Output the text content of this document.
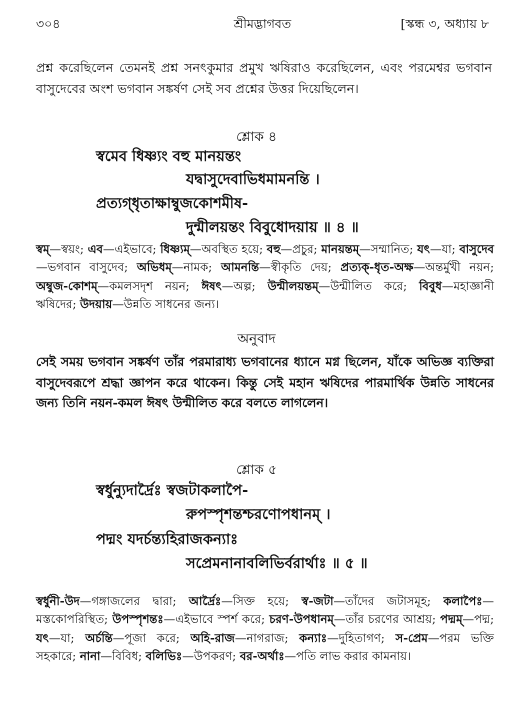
৩০৪	শ্রীমদ্ভাগবত	[স্কন্ধ ৩, অধ্যায় ৮

প্রশ্ন করেছিলেন তেমনই প্রশ্ন সনৎকুমার প্রমুখ ঋষিরাও করেছিলেন, এবং পরমেশ্বর ভগবান বাসুদেবের অংশ ভগবান সঙ্কর্ষণ সেই সব প্রশ্নের উত্তর দিয়েছিলেন।

শ্লোক ৪

স্বমেব ধিষ্ণ্যং বহু মানয়ন্তং

যদ্বাসুদেবাভিধমামনন্তি ।

প্রত্যগ্‌ধৃতাক্ষাম্বুজকোশমীষ-

দুন্মীলয়ন্তং বিবুধোদয়ায় ॥ ৪ ॥

স্বম্—স্বয়ং; এব—এইভাবে; ধিষ্ণ্যম্—অবস্থিত হয়ে; বহু—প্রচুর; মানয়ন্তম্—সম্মানিত; যৎ—যা; বাসুদেব—ভগবান বাসুদেব; অভিধম্—নামক; আমনন্তি—স্বীকৃতি দেয়; প্রত্যক্‌-ধৃত-অক্ষ—অন্তর্মুখী নয়ন; অম্বুজ-কোশম্—কমলসদৃশ নয়ন; ঈষৎ—অল্প; উন্মীলয়ন্তম্—উন্মীলিত করে; বিবুধ—মহাজ্ঞানী ঋষিদের; উদয়ায়—উন্নতি সাধনের জন্য।

অনুবাদ

সেই সময় ভগবান সঙ্কর্ষণ তাঁর পরমারাধ্য ভগবানের ধ্যানে মগ্ন ছিলেন, যাঁকে অভিজ্ঞ ব্যক্তিরা বাসুদেবরূপে শ্রদ্ধা জ্ঞাপন করে থাকেন। কিন্তু সেই মহান ঋষিদের পারমার্থিক উন্নতি সাধনের জন্য তিনি নয়ন-কমল ঈষৎ উন্মীলিত করে বলতে লাগলেন।

শ্লোক ৫

স্বর্ধুন্যুদার্দ্রৈঃ স্বজটাকলাপৈ-

রুপস্পৃশন্তশ্চরণোপধানম্ ।

পদ্মং যদর্চন্ত্যহিরাজকন্যাঃ

সপ্রেমনানাবলিভির্বরার্থাঃ ॥ ৫ ॥

স্বর্ধুনী-উদ—গঙ্গাজলের দ্বারা; আর্দ্রৈঃ—সিক্ত হয়ে; স্ব-জটা—তাঁদের জটাসমূহ; কলাপৈঃ—মস্তকোপরিস্থিত; উপস্পৃশন্তঃ—এইভাবে স্পর্শ করে; চরণ-উপধানম্—তাঁর চরণের আশ্রয়; পদ্মম্—পদ্ম; যৎ—যা; অর্চন্তি—পূজা করে; অহি-রাজ—নাগরাজ; কন্যাঃ—দুহিতাগণ; স-প্রেম—পরম ভক্তি সহকারে; নানা—বিবিধ; বলিভিঃ—উপকরণ; বর-অর্থাঃ—পতি লাভ করার কামনায়।
